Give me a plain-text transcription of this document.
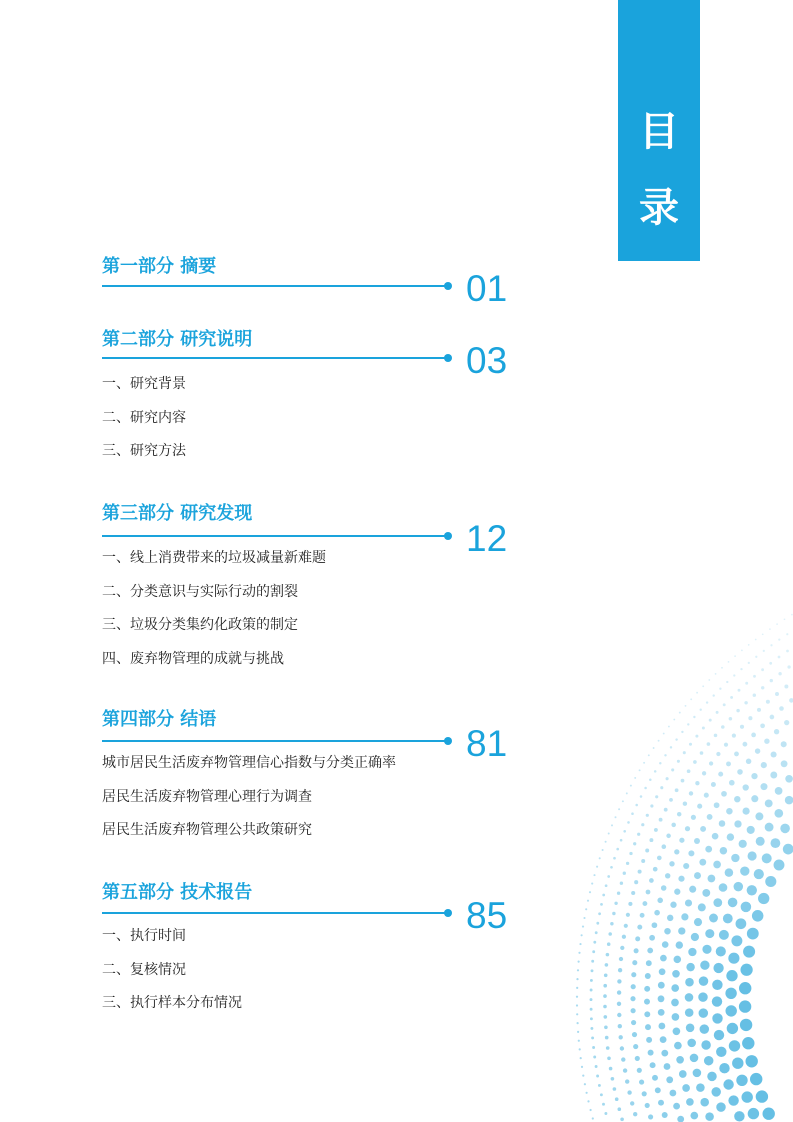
目
录
第一部分 摘要
01
第二部分 研究说明
03
一、研究背景
二、研究内容
三、研究方法
第三部分 研究发现
12
一、线上消费带来的垃圾减量新难题
二、分类意识与实际行动的割裂
三、垃圾分类集约化政策的制定
四、废弃物管理的成就与挑战
第四部分 结语
81
城市居民生活废弃物管理信心指数与分类正确率
居民生活废弃物管理心理行为调查
居民生活废弃物管理公共政策研究
第五部分 技术报告
85
一、执行时间
二、复核情况
三、执行样本分布情况
